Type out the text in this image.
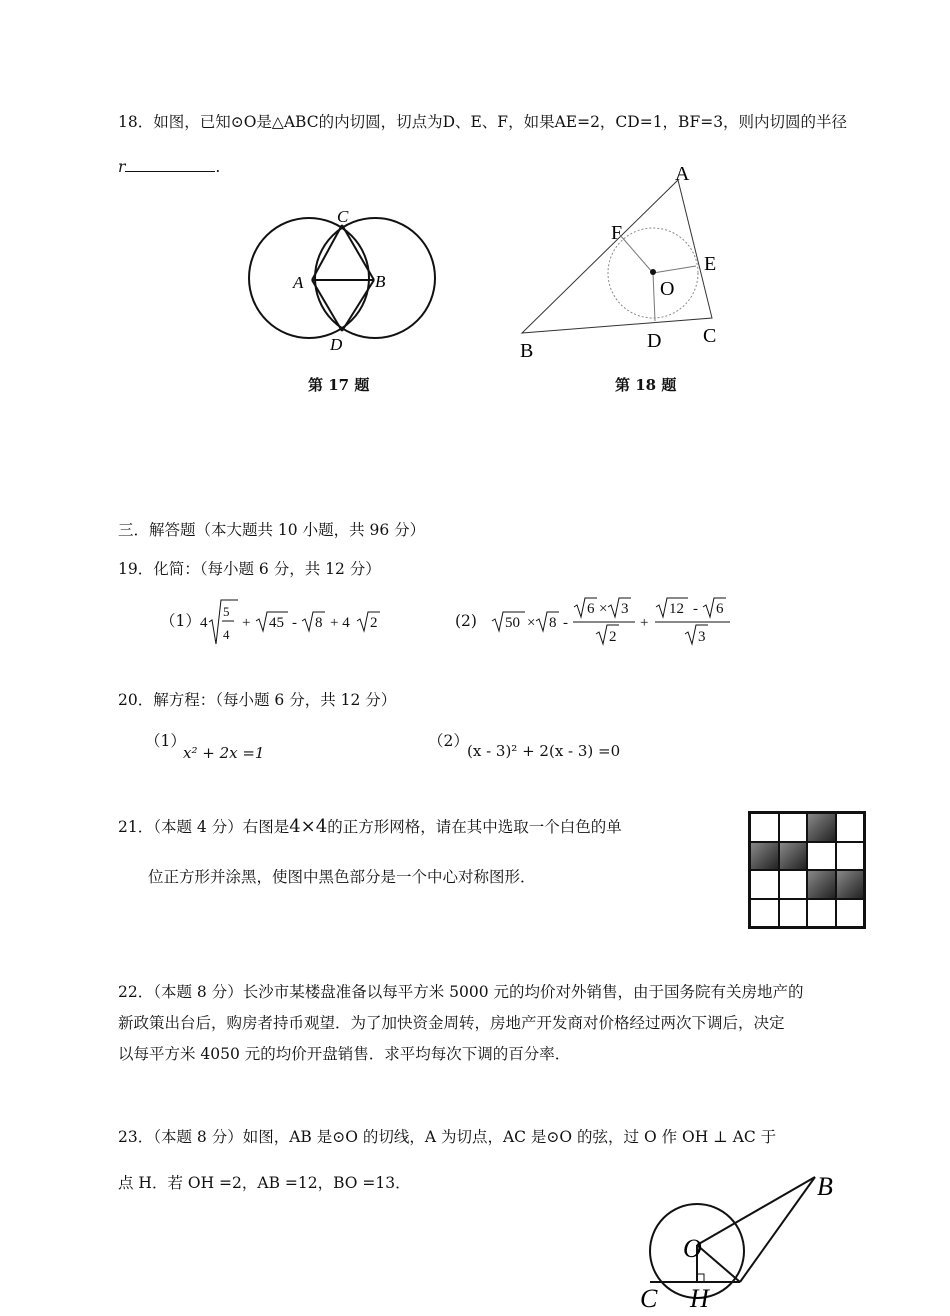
18．如图，已知⊙O是△ABC的内切圆，切点为D、E、F，如果AE=2，CD=1，BF=3，则内切圆的半径
r	.
C
A	B
D
第 17 题
A
F
E
O
B	D C
第 18 题
三．解答题（本大题共 10 小题，共 96 分）
19．化简：（每小题 6 分，共 12 分）
（1） 4
5
4
+ 45 - 8 + 4 2	(2) 50 × 8 -
6 × 3
2
+
12 - 6
3
20．解方程：（每小题 6 分，共 12 分）
（1）
x² + 2x =1
（2）
(x - 3)² + 2(x - 3) =0
21．（本题 4 分）右图是4×4的正方形网格，请在其中选取一个白色的单
位正方形并涂黑，使图中黑色部分是一个中心对称图形．
22．（本题 8 分）长沙市某楼盘准备以每平方米 5000 元的均价对外销售，由于国务院有关房地产的
新政策出台后，购房者持币观望．为了加快资金周转，房地产开发商对价格经过两次下调后，决定
以每平方米 4050 元的均价开盘销售．求平均每次下调的百分率．
23．（本题 8 分）如图，AB 是⊙O 的切线，A 为切点，AC 是⊙O 的弦，过 O 作 OH ⊥ AC 于
点 H．若 OH =2，AB =12，BO =13．	B
O
C H
